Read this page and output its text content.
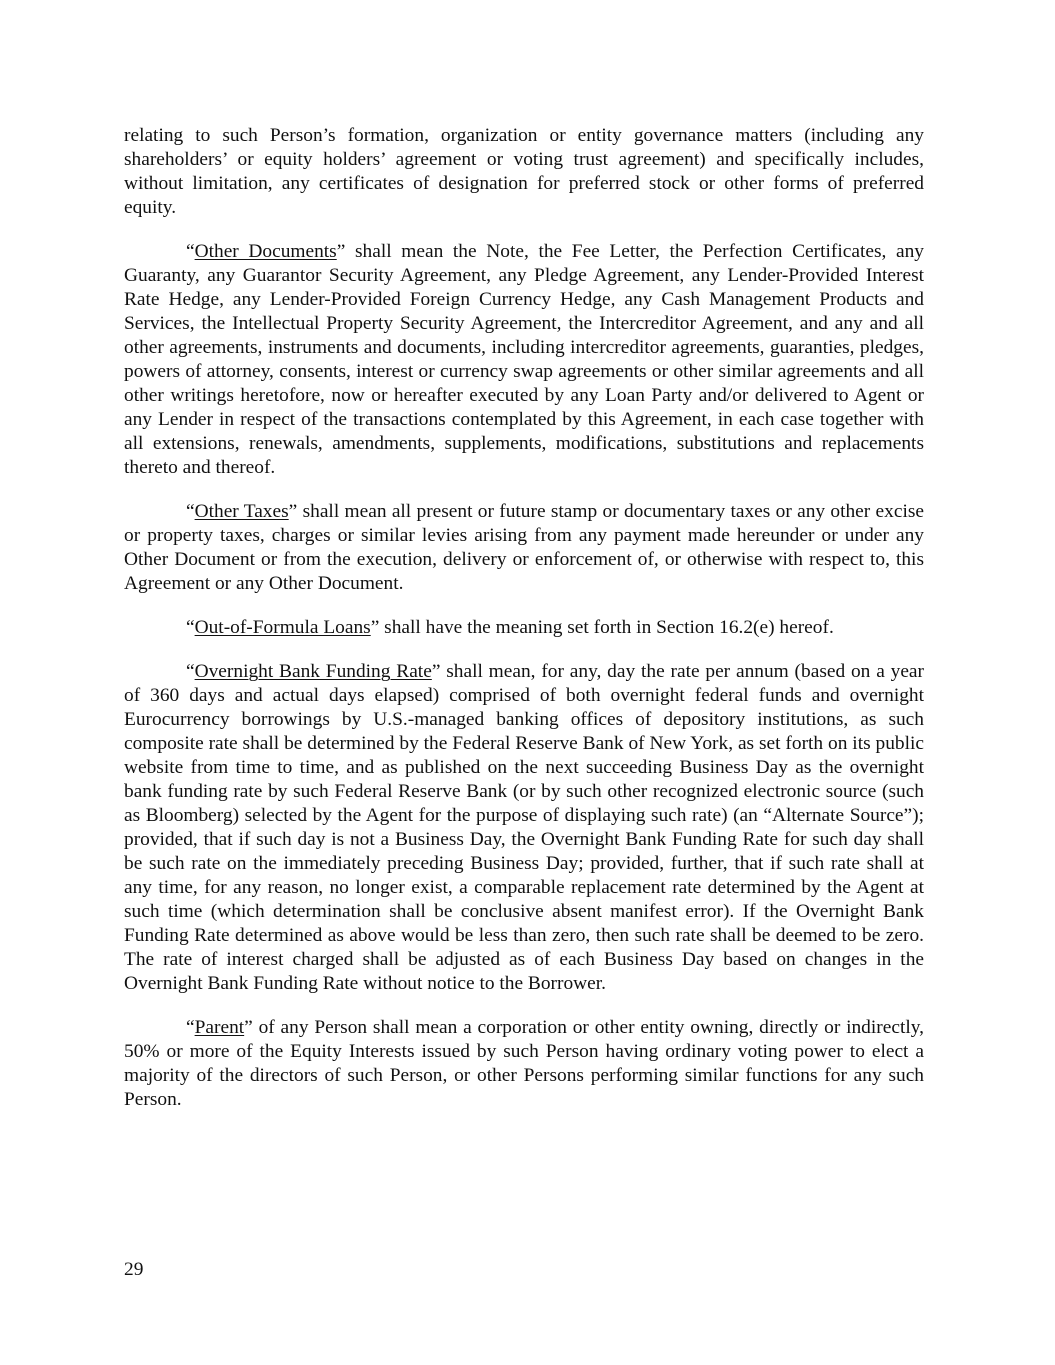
relating to such Person’s formation, organization or entity governance matters (including any shareholders’ or equity holders’ agreement or voting trust agreement) and specifically includes, without limitation, any certificates of designation for preferred stock or other forms of preferred equity.

“Other Documents” shall mean the Note, the Fee Letter, the Perfection Certificates, any Guaranty, any Guarantor Security Agreement, any Pledge Agreement, any Lender-Provided Interest Rate Hedge, any Lender-Provided Foreign Currency Hedge, any Cash Management Products and Services, the Intellectual Property Security Agreement, the Intercreditor Agreement, and any and all other agreements, instruments and documents, including intercreditor agreements, guaranties, pledges, powers of attorney, consents, interest or currency swap agreements or other similar agreements and all other writings heretofore, now or hereafter executed by any Loan Party and/or delivered to Agent or any Lender in respect of the transactions contemplated by this Agreement, in each case together with all extensions, renewals, amendments, supplements, modifications, substitutions and replacements thereto and thereof.

“Other Taxes” shall mean all present or future stamp or documentary taxes or any other excise or property taxes, charges or similar levies arising from any payment made hereunder or under any Other Document or from the execution, delivery or enforcement of, or otherwise with respect to, this Agreement or any Other Document.

“Out-of-Formula Loans” shall have the meaning set forth in Section 16.2(e) hereof.

“Overnight Bank Funding Rate” shall mean, for any, day the rate per annum (based on a year of 360 days and actual days elapsed) comprised of both overnight federal funds and overnight Eurocurrency borrowings by U.S.-managed banking offices of depository institutions, as such composite rate shall be determined by the Federal Reserve Bank of New York, as set forth on its public website from time to time, and as published on the next succeeding Business Day as the overnight bank funding rate by such Federal Reserve Bank (or by such other recognized electronic source (such as Bloomberg) selected by the Agent for the purpose of displaying such rate) (an “Alternate Source”); provided, that if such day is not a Business Day, the Overnight Bank Funding Rate for such day shall be such rate on the immediately preceding Business Day; provided, further, that if such rate shall at any time, for any reason, no longer exist, a comparable replacement rate determined by the Agent at such time (which determination shall be conclusive absent manifest error). If the Overnight Bank Funding Rate determined as above would be less than zero, then such rate shall be deemed to be zero. The rate of interest charged shall be adjusted as of each Business Day based on changes in the Overnight Bank Funding Rate without notice to the Borrower.

“Parent” of any Person shall mean a corporation or other entity owning, directly or indirectly, 50% or more of the Equity Interests issued by such Person having ordinary voting power to elect a majority of the directors of such Person, or other Persons performing similar functions for any such Person.

29
